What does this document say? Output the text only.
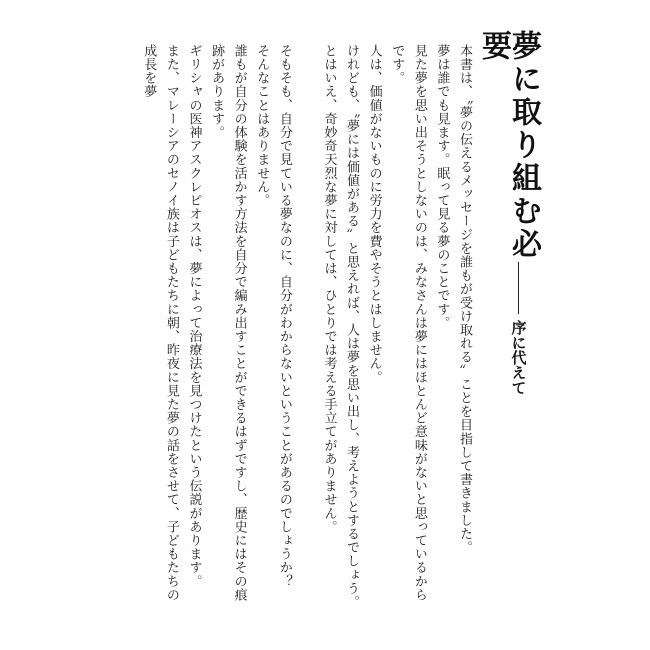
夢に取り組む必要
序に代えて

本書は、〝夢の伝えるメッセージを誰もが受け取れる〟ことを目指して書きました。

夢は誰でも見ます。眠って見る夢のことです。

見た夢を思い出そうとしないのは、みなさんは夢にはほとんど意味がないと思っているからです。

人は、価値がないものに労力を費やそうとはしません。

けれども、〝夢には価値がある〟と思えれば、人は夢を思い出し、考えようとするでしょう。

とはいえ、奇妙奇天烈な夢に対しては、ひとりでは考える手立てがありません。

そもそも、自分で見ている夢なのに、自分がわからないということがあるのでしょうか？

そんなことはありません。

誰もが自分の体験を活かす方法を自分で編み出すことができるはずですし、歴史にはその痕跡があります。

ギリシャの医神アスクレピオスは、夢によって治療法を見つけたという伝説があります。

また、マレーシアのセノイ族は子どもたちに朝、昨夜に見た夢の話をさせて、子どもたちの成長を夢
